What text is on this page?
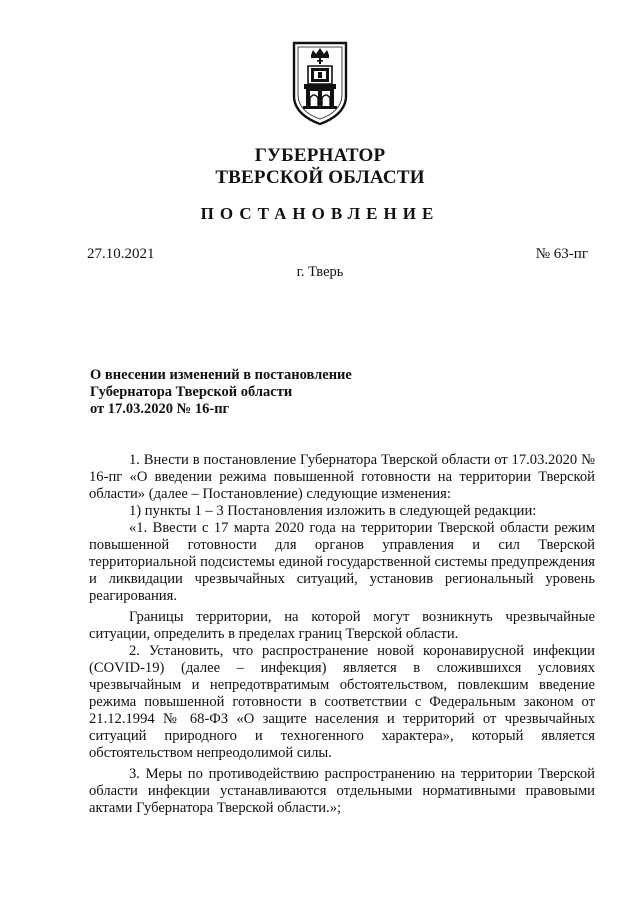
ГУБЕРНАТОР
ТВЕРСКОЙ ОБЛАСТИ
ПОСТАНОВЛЕНИЕ
27.10.2021	№ 63-пг
г. Тверь
О внесении изменений в постановление
Губернатора Тверской области
от 17.03.2020 № 16-пг

1. Внести в постановление Губернатора Тверской области от 17.03.2020 № 16-пг «О введении режима повышенной готовности на территории Тверской области» (далее – Постановление) следующие изменения:

1) пункты 1 – 3 Постановления изложить в следующей редакции:

«1. Ввести с 17 марта 2020 года на территории Тверской области режим повышенной готовности для органов управления и сил Тверской территориальной подсистемы единой государственной системы предупреждения и ликвидации чрезвычайных ситуаций, установив региональный уровень реагирования.

Границы территории, на которой могут возникнуть чрезвычайные ситуации, определить в пределах границ Тверской области.

2. Установить, что распространение новой коронавирусной инфекции (COVID-19) (далее – инфекция) является в сложившихся условиях чрезвычайным и непредотвратимым обстоятельством, повлекшим введение режима повышенной готовности в соответствии с Федеральным законом от 21.12.1994 № 68-ФЗ «О защите населения и территорий от чрезвычайных ситуаций природного и техногенного характера», который является обстоятельством непреодолимой силы.

3. Меры по противодействию распространению на территории Тверской области инфекции устанавливаются отдельными нормативными правовыми актами Губернатора Тверской области.»;
